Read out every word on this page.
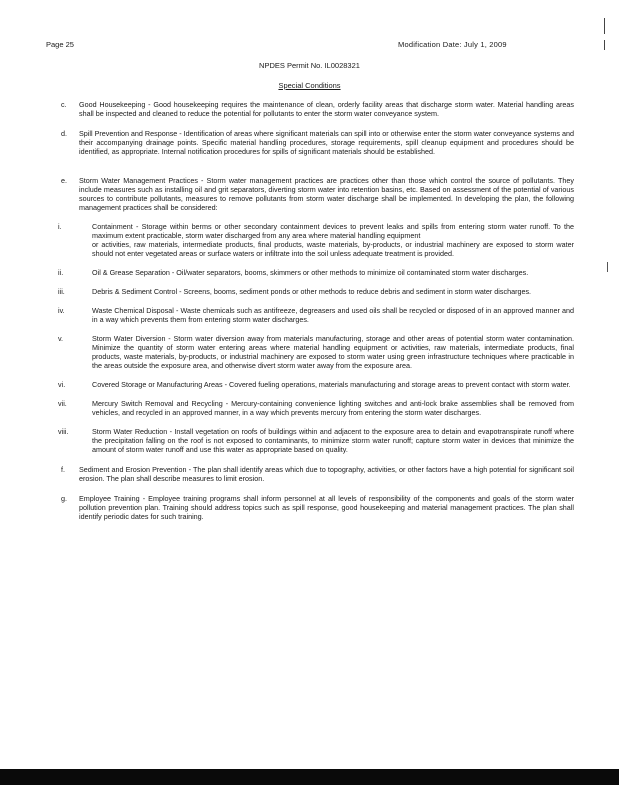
Page 25	Modification Date: July 1, 2009
NPDES Permit No. IL0028321
Special Conditions
c. Good Housekeeping - Good housekeeping requires the maintenance of clean, orderly facility areas that discharge storm water. Material handling areas shall be inspected and cleaned to reduce the potential for pollutants to enter the storm water conveyance system.
d. Spill Prevention and Response - Identification of areas where significant materials can spill into or otherwise enter the storm water conveyance systems and their accompanying drainage points. Specific material handling procedures, storage requirements, spill cleanup equipment and procedures should be identified, as appropriate. Internal notification procedures for spills of significant materials should be established.
e. Storm Water Management Practices - Storm water management practices are practices other than those which control the source of pollutants. They include measures such as installing oil and grit separators, diverting storm water into retention basins, etc. Based on assessment of the potential of various sources to contribute pollutants, measures to remove pollutants from storm water discharge shall be implemented. In developing the plan, the following management practices shall be considered:
i.	Containment - Storage within berms or other secondary containment devices to prevent leaks and spills from entering storm water runoff. To the maximum extent practicable, storm water discharged from any area where material handling equipment

or activities, raw materials, intermediate products, final products, waste materials, by-products, or industrial machinery are exposed to storm water should not enter vegetated areas or surface waters or infiltrate into the soil unless adequate treatment is provided.

ii.	Oil & Grease Separation - Oil/water separators, booms, skimmers or other methods to minimize oil contaminated storm water discharges.

iii.	Debris & Sediment Control - Screens, booms, sediment ponds or other methods to reduce debris and sediment in storm water discharges.

iv.	Waste Chemical Disposal - Waste chemicals such as antifreeze, degreasers and used oils shall be recycled or disposed of in an approved manner and in a way which prevents them from entering storm water discharges.

v.	Storm Water Diversion - Storm water diversion away from materials manufacturing, storage and other areas of potential storm water contamination. Minimize the quantity of storm water entering areas where material handling equipment or activities, raw materials, intermediate products, final products, waste materials, by-products, or industrial machinery are exposed to storm water using green infrastructure techniques where practicable in the areas outside the exposure area, and otherwise divert storm water away from the exposure area.

vi.	Covered Storage or Manufacturing Areas - Covered fueling operations, materials manufacturing and storage areas to prevent contact with storm water.

vii.	Mercury Switch Removal and Recycling - Mercury-containing convenience lighting switches and anti-lock brake assemblies shall be removed from vehicles, and recycled in an approved manner, in a way which prevents mercury from entering the storm water discharges.

viii.	Storm Water Reduction - Install vegetation on roofs of buildings within and adjacent to the exposure area to detain and evapotranspirate runoff where the precipitation falling on the roof is not exposed to contaminants, to minimize storm water runoff; capture storm water in devices that minimize the amount of storm water runoff and use this water as appropriate based on quality.

f. Sediment and Erosion Prevention - The plan shall identify areas which due to topography, activities, or other factors have a high potential for significant soil erosion. The plan shall describe measures to limit erosion.
g. Employee Training - Employee training programs shall inform personnel at all levels of responsibility of the components and goals of the storm water pollution prevention plan. Training should address topics such as spill response, good housekeeping and material management practices. The plan shall identify periodic dates for such training.
